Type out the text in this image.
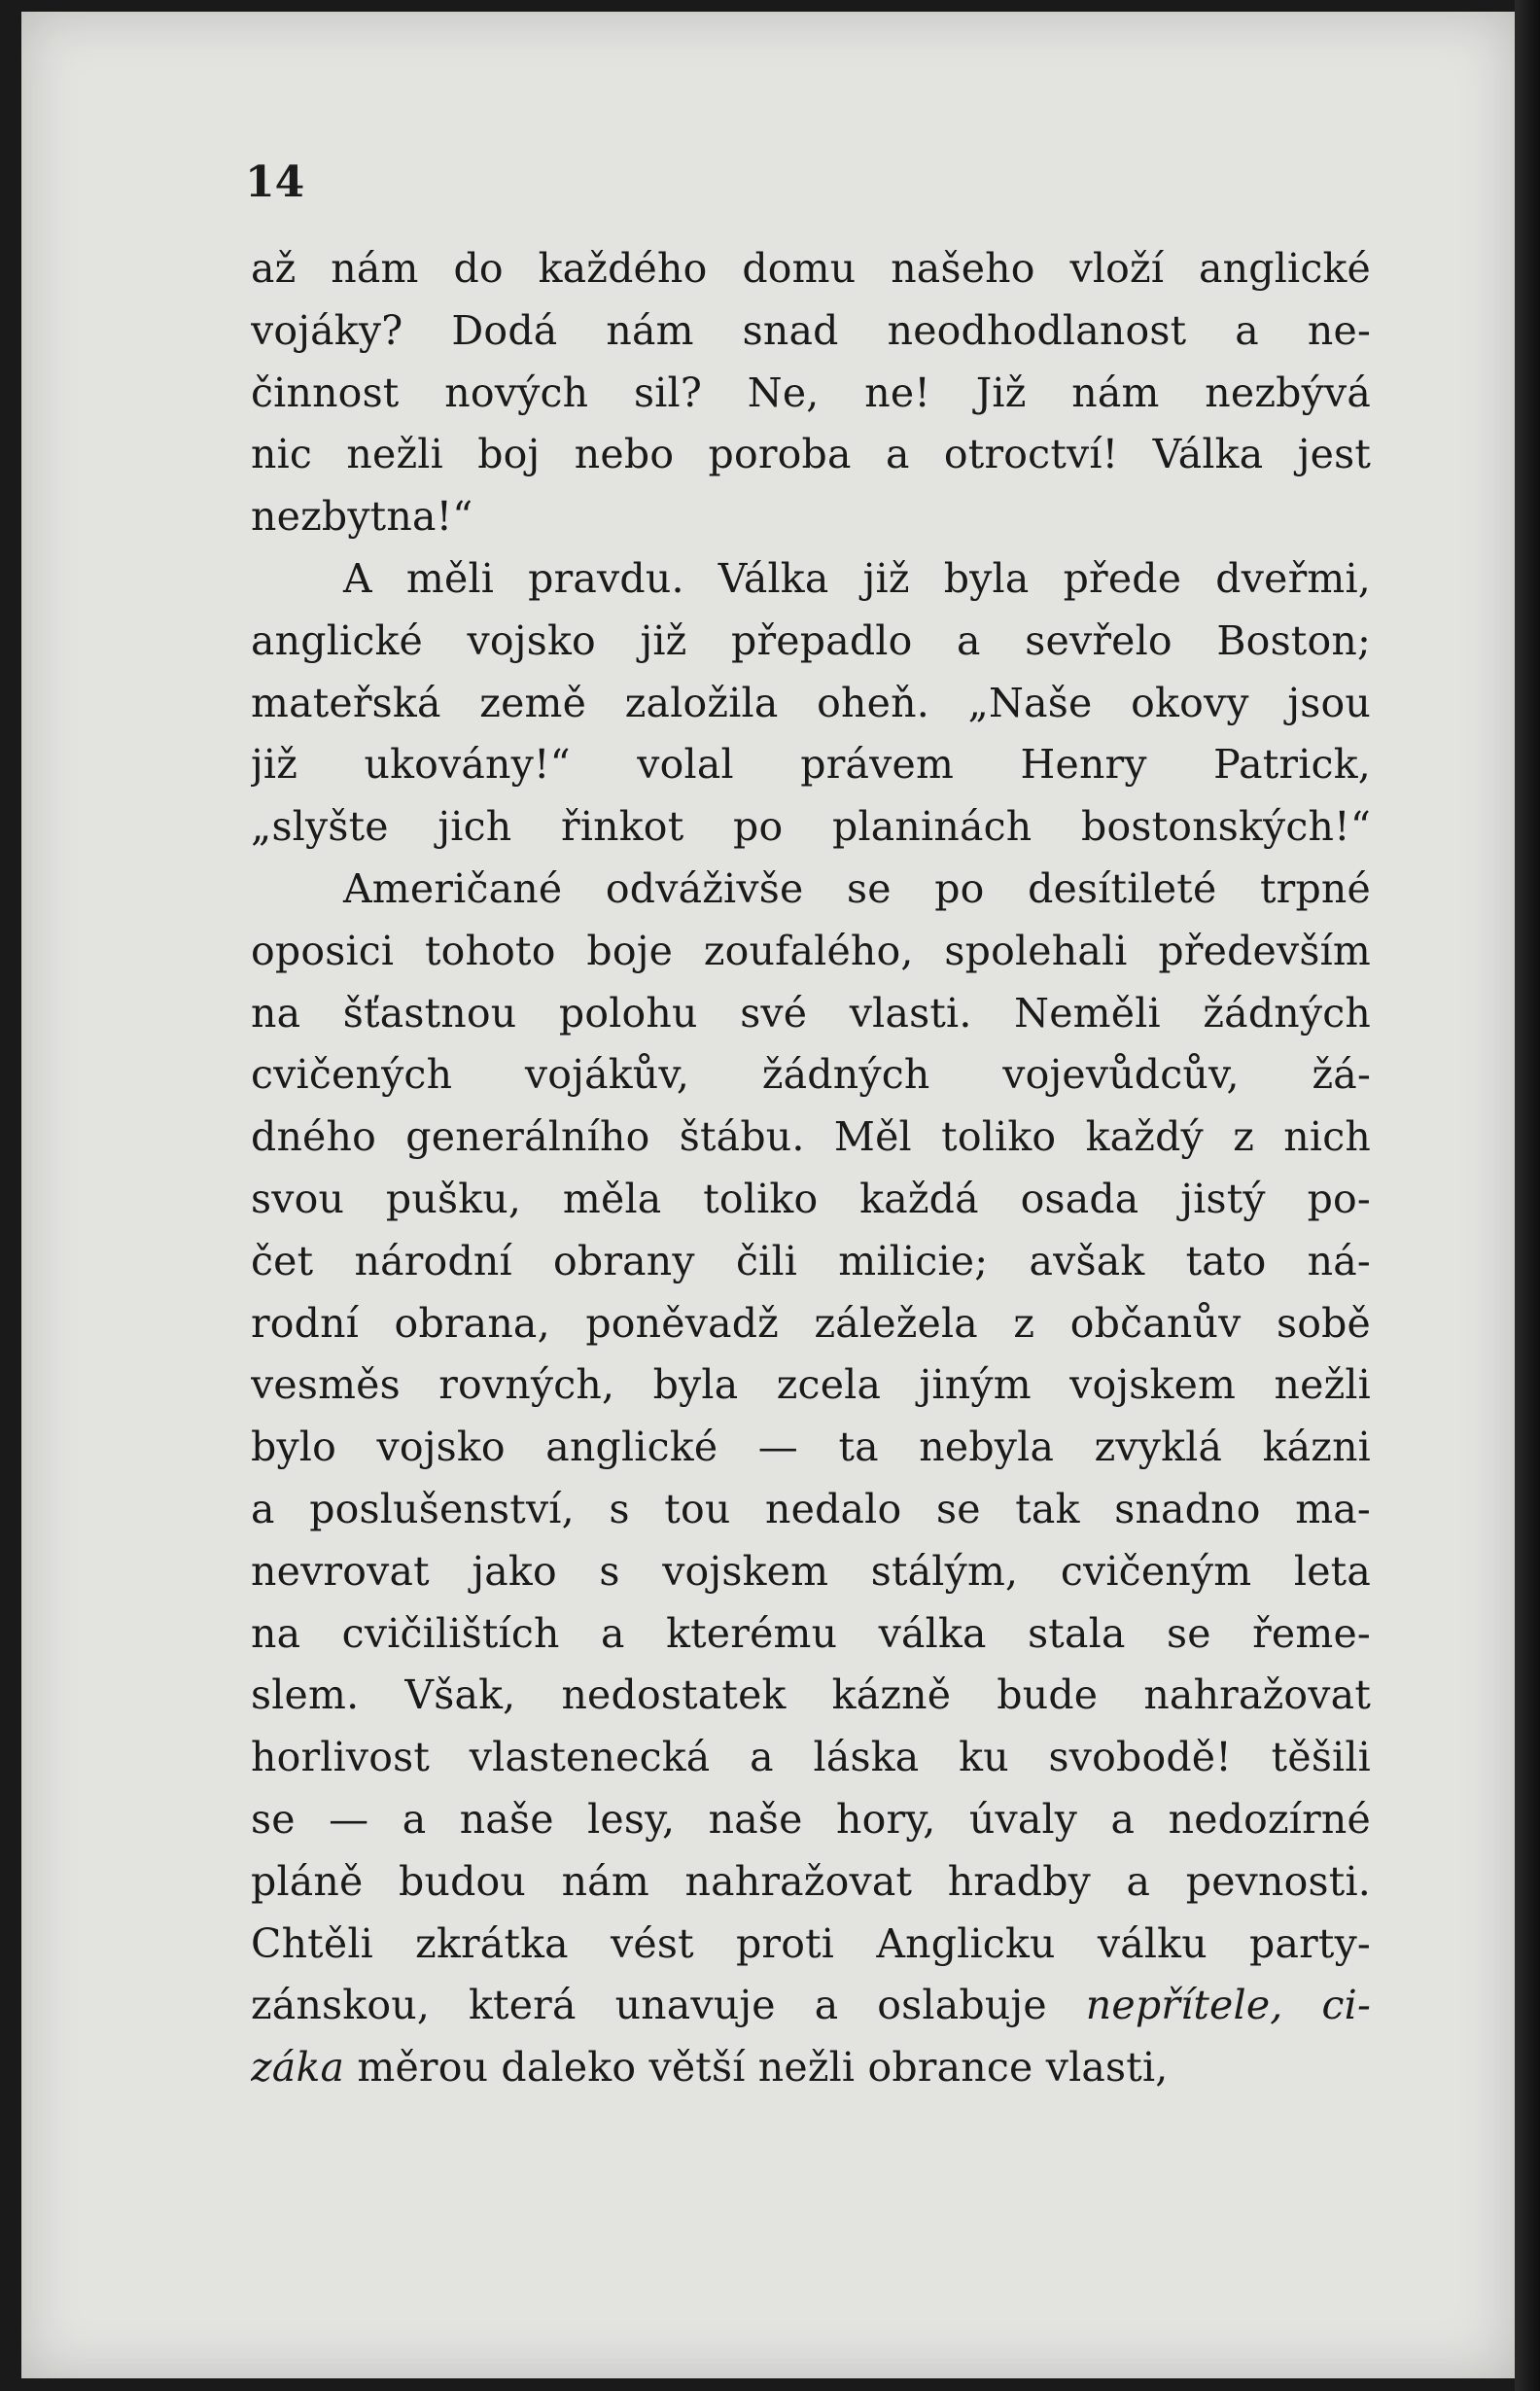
14
až nám do každého domu našeho vloží anglické
vojáky? Dodá nám snad neodhodlanost a ne-
činnost nových sil? Ne, ne! Již nám nezbývá
nic nežli boj nebo poroba a otroctví! Válka jest
nezbytna!“
A měli pravdu. Válka již byla přede dveřmi,
anglické vojsko již přepadlo a sevřelo Boston;
mateřská země založila oheň. „Naše okovy jsou
již ukovány!“ volal právem Henry Patrick,
„slyšte jich řinkot po planinách bostonských!“
Američané odváživše se po desítileté trpné
oposici tohoto boje zoufalého, spolehali především
na šťastnou polohu své vlasti. Neměli žádných
cvičených vojákův, žádných vojevůdcův, žá-
dného generálního štábu. Měl toliko každý z nich
svou pušku, měla toliko každá osada jistý po-
čet národní obrany čili milicie; avšak tato ná-
rodní obrana, poněvadž záležela z občanův sobě
vesměs rovných, byla zcela jiným vojskem nežli
bylo vojsko anglické — ta nebyla zvyklá kázni
a poslušenství, s tou nedalo se tak snadno ma-
nevrovat jako s vojskem stálým, cvičeným leta
na cvičilištích a kterému válka stala se řeme-
slem. Však, nedostatek kázně bude nahražovat
horlivost vlastenecká a láska ku svobodě! těšili
se — a naše lesy, naše hory, úvaly a nedozírné
pláně budou nám nahražovat hradby a pevnosti.
Chtěli zkrátka vést proti Anglicku válku party-
zánskou, která unavuje a oslabuje nepřítele, ci-
záka měrou daleko větší nežli obrance vlasti,
